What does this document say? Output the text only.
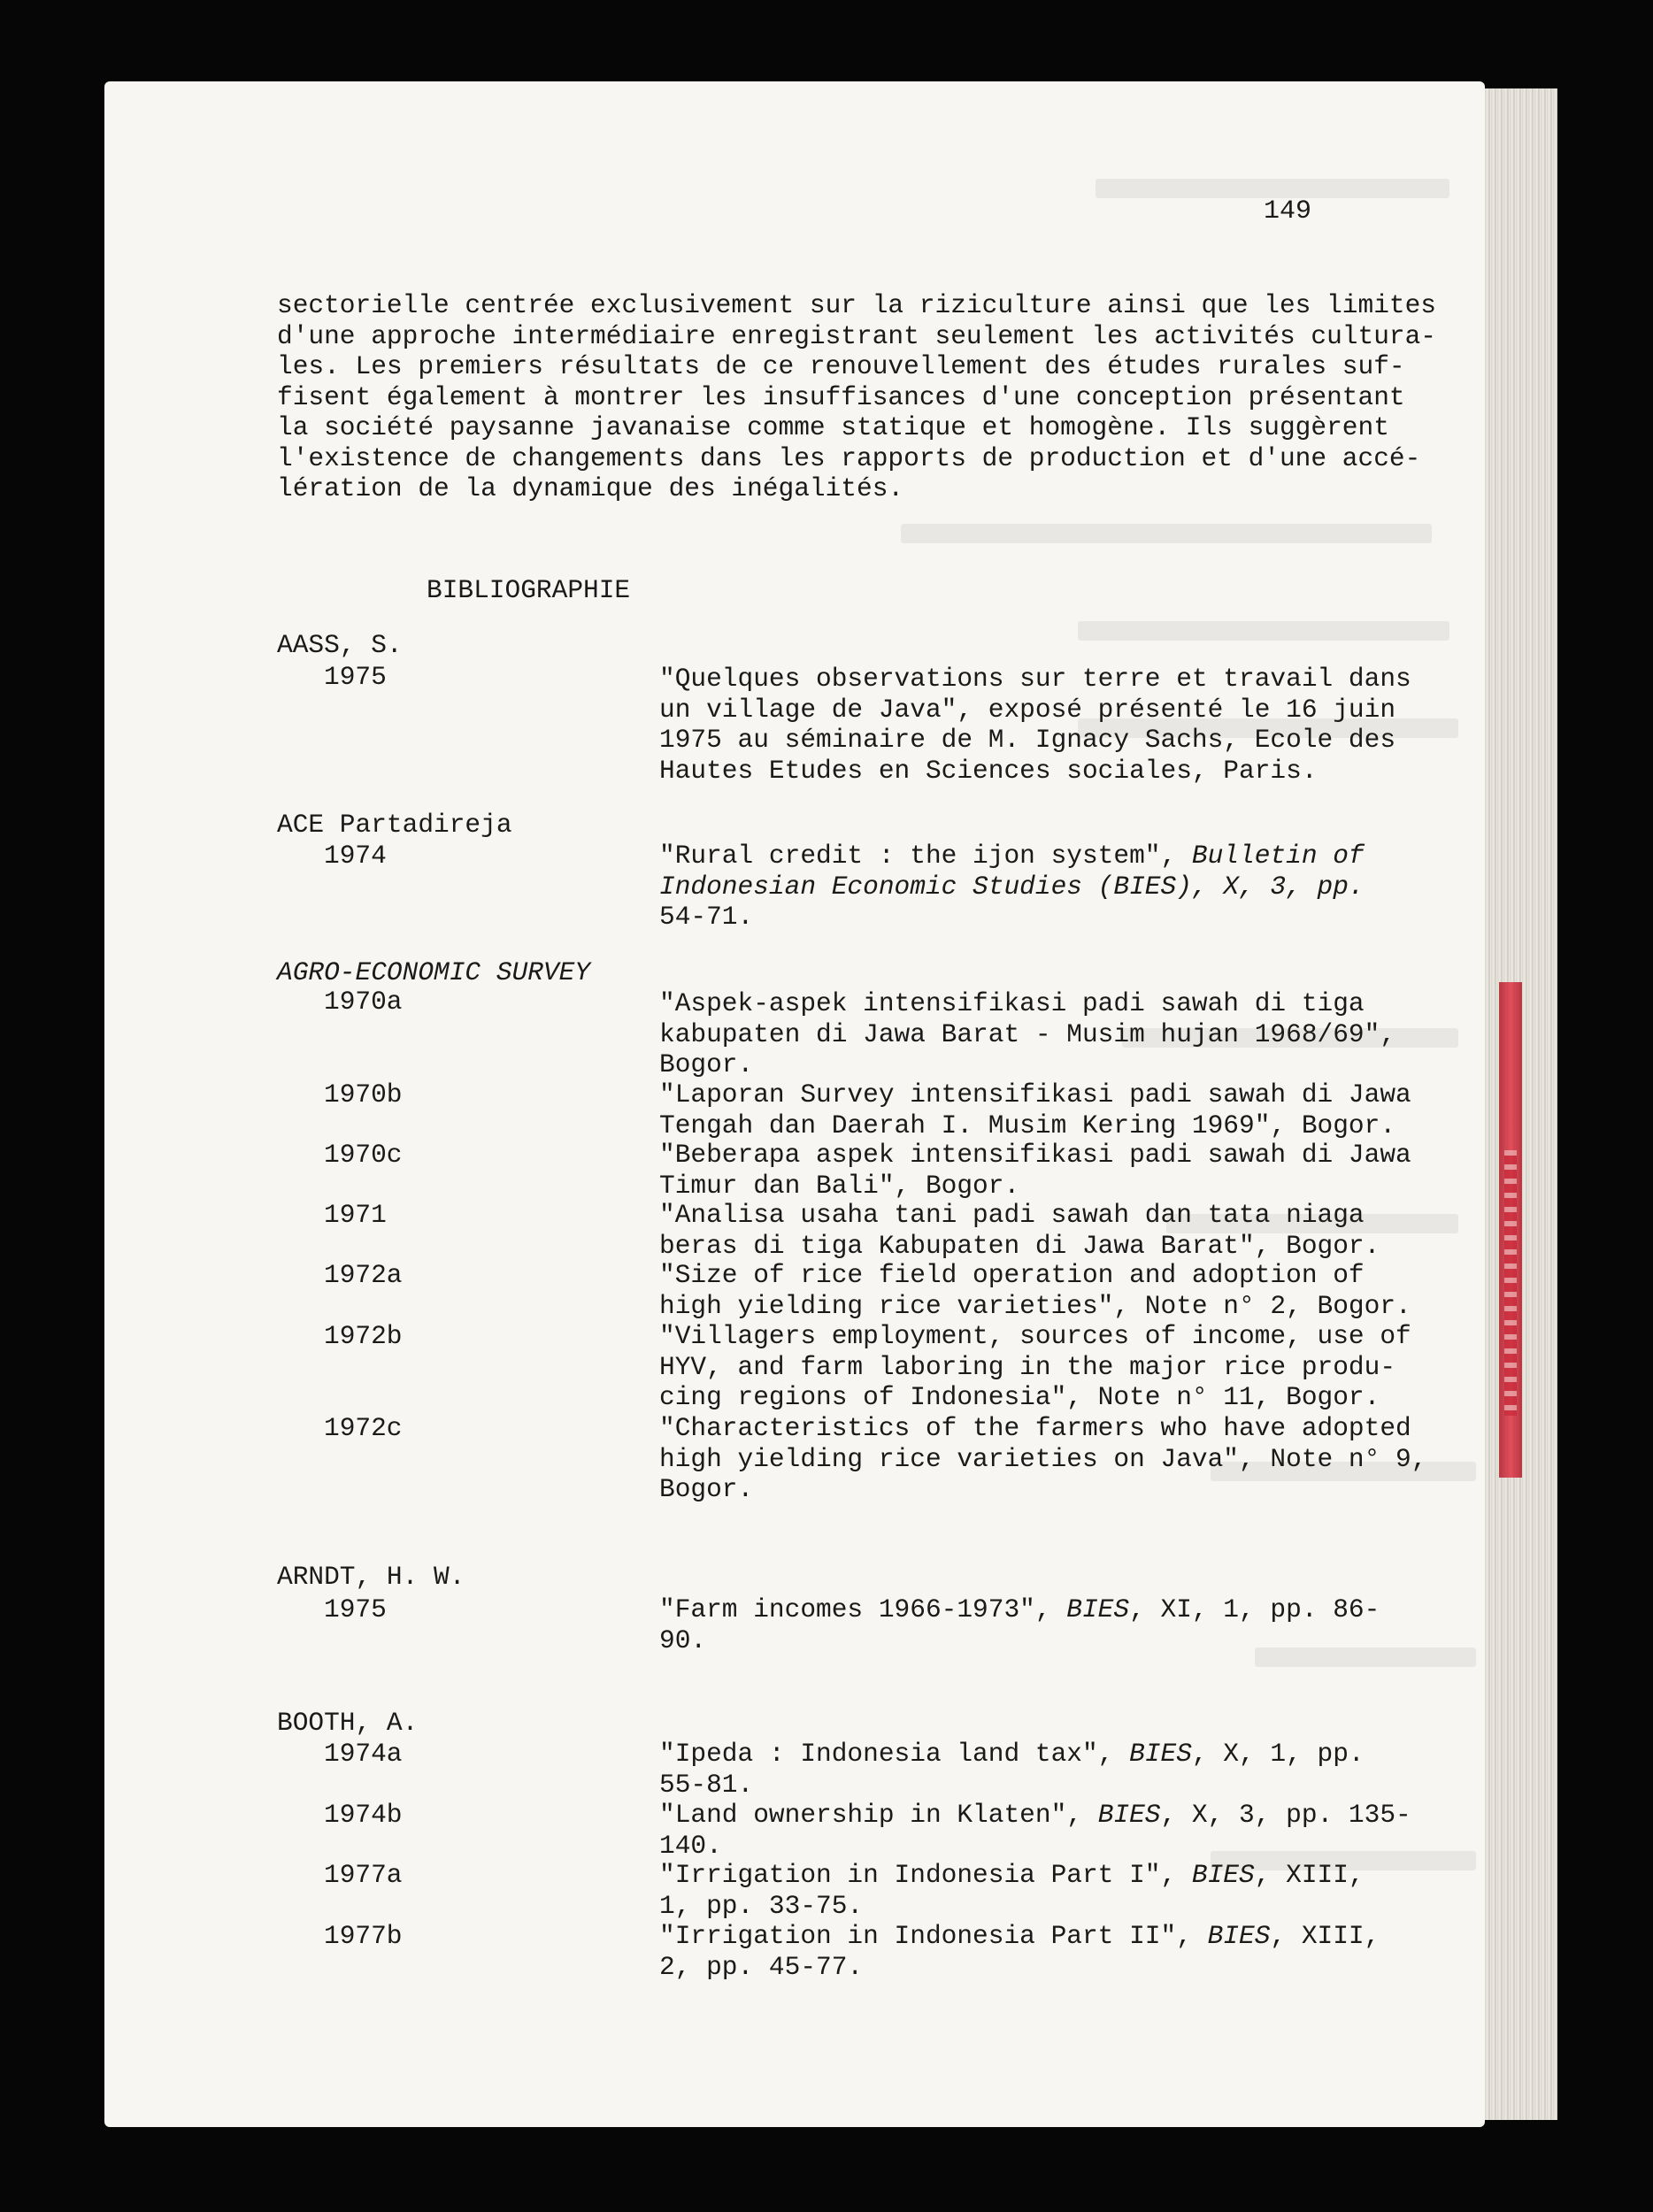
149
sectorielle centrée exclusivement sur la riziculture ainsi que les limites
d'une approche intermédiaire enregistrant seulement les activités cultura-
les. Les premiers résultats de ce renouvellement des études rurales suf-
fisent également à montrer les insuffisances d'une conception présentant
la société paysanne javanaise comme statique et homogène. Ils suggèrent
l'existence de changements dans les rapports de production et d'une accé-
lération de la dynamique des inégalités.
BIBLIOGRAPHIE
AASS, S.
1975	"Quelques observations sur terre et travail dans
un village de Java", exposé présenté le 16 juin
1975 au séminaire de M. Ignacy Sachs, Ecole des
Hautes Etudes en Sciences sociales, Paris.
ACE Partadireja
1974	"Rural credit : the ijon system", Bulletin of
Indonesian Economic Studies (BIES), X, 3, pp.
54-71.
AGRO-ECONOMIC SURVEY
1970a	"Aspek-aspek intensifikasi padi sawah di tiga
kabupaten di Jawa Barat - Musim hujan 1968/69",
Bogor.
1970b	"Laporan Survey intensifikasi padi sawah di Jawa
Tengah dan Daerah I. Musim Kering 1969", Bogor.
1970c	"Beberapa aspek intensifikasi padi sawah di Jawa
Timur dan Bali", Bogor.
1971	"Analisa usaha tani padi sawah dan tata niaga
beras di tiga Kabupaten di Jawa Barat", Bogor.
1972a	"Size of rice field operation and adoption of
high yielding rice varieties", Note n° 2, Bogor.
1972b	"Villagers employment, sources of income, use of
HYV, and farm laboring in the major rice produ-
cing regions of Indonesia", Note n° 11, Bogor.
1972c	"Characteristics of the farmers who have adopted
high yielding rice varieties on Java", Note n° 9,
Bogor.
ARNDT, H. W.
1975	"Farm incomes 1966-1973", BIES, XI, 1, pp. 86-
90.
BOOTH, A.
1974a	"Ipeda : Indonesia land tax", BIES, X, 1, pp.
55-81.
1974b	"Land ownership in Klaten", BIES, X, 3, pp. 135-
140.
1977a	"Irrigation in Indonesia Part I", BIES, XIII,
1, pp. 33-75.
1977b	"Irrigation in Indonesia Part II", BIES, XIII,
2, pp. 45-77.
